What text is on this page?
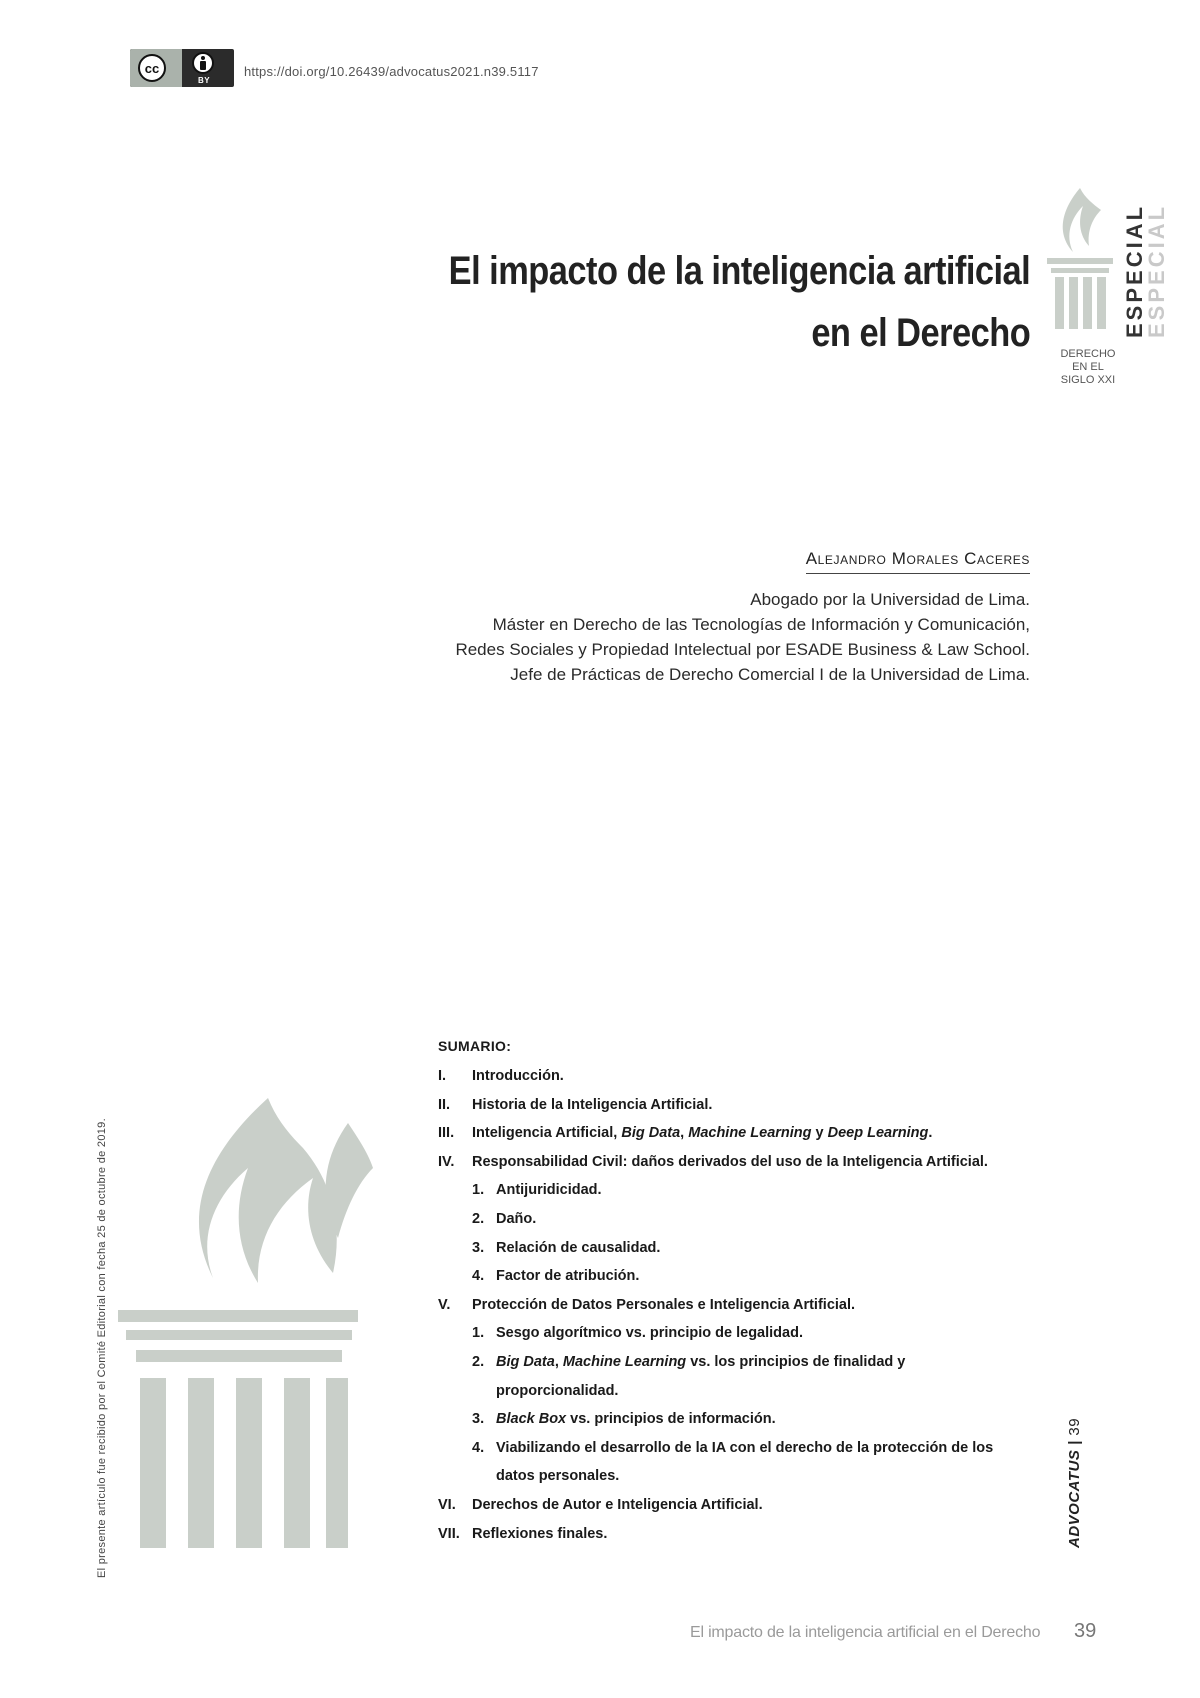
cc
BY
https://doi.org/10.26439/advocatus2021.n39.5117
El impacto de la inteligencia artificial
en el Derecho	ESPECIAL
ESPECIAL
DERECHO
EN EL
SIGLO XXI
Alejandro Morales Caceres
Abogado por la Universidad de Lima.
Máster en Derecho de las Tecnologías de Información y Comunicación,
Redes Sociales y Propiedad Intelectual por ESADE Business & Law School.
Jefe de Prácticas de Derecho Comercial I de la Universidad de Lima.
El presente artículo fue recibido por el Comité Editorial con fecha 25 de octubre de 2019.
SUMARIO:
I.	Introducción.
II.	Historia de la Inteligencia Artificial.
III.	Inteligencia Artificial, Big Data, Machine Learning y Deep Learning.
IV.	Responsabilidad Civil: daños derivados del uso de la Inteligencia Artificial.
1. Antijuridicidad.
2. Daño.
3. Relación de causalidad.
4. Factor de atribución.
V.	Protección de Datos Personales e Inteligencia Artificial.
1. Sesgo algorítmico vs. principio de legalidad.
2. Big Data, Machine Learning vs. los principios de finalidad y
proporcionalidad.
3. Black Box vs. principios de información.
4. Viabilizando el desarrollo de la IA con el derecho de la protección de los
datos personales.
VI.	Derechos de Autor e Inteligencia Artificial.
VII. Reflexiones finales.	ADVOCATUS | 39
El impacto de la inteligencia artificial en el Derecho 39
